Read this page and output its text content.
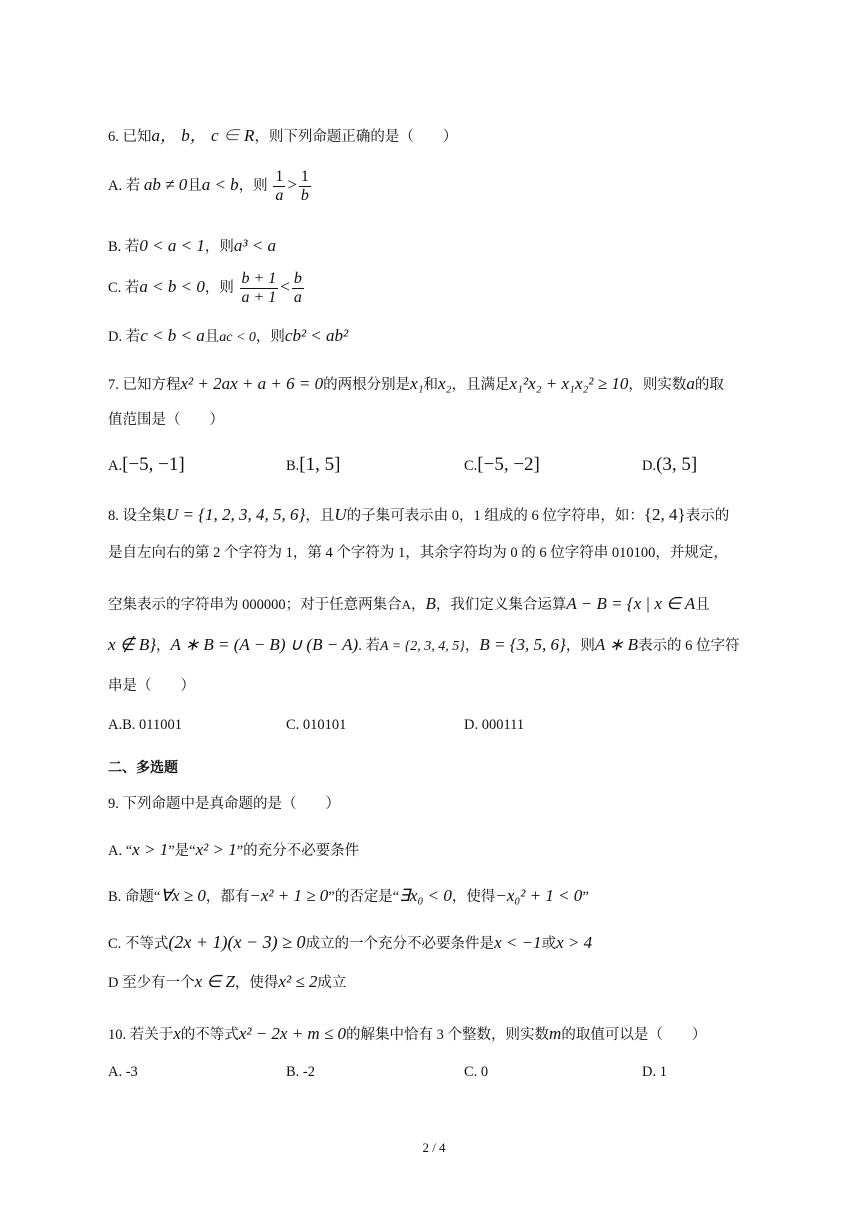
6. 已知a， b， c ∈ R，则下列命题正确的是（　　）
A. 若 ab ≠ 0且a < b，则 $\frac{1}{a} > \frac{1}{b}$
B. 若0 < a < 1，则a³ < a
C. 若a < b < 0，则 $\frac{b + 1}{a + 1} < \frac{b}{a}$
D. 若c < b < a且ac < 0，则cb² < ab²
7. 已知方程x² + 2ax + a + 6 = 0的两根分别是x₁和x₂，且满足x₁²x₂ + x₁x₂² ≥ 10，则实数a的取
值范围是（　　）
A.[−5, −1]	B.[1, 5]	C.[−5, −2]	D.(3, 5]
8. 设全集U = {1, 2, 3, 4, 5, 6}，且U的子集可表示由 0，1 组成的 6 位字符串，如：{2, 4}表示的
是自左向右的第 2 个字符为 1，第 4 个字符为 1，其余字符均为 0 的 6 位字符串 010100，并规定，
空集表示的字符串为 000000；对于任意两集合A，B，我们定义集合运算A − B = {x | x ∈ A且
x ∉ B}，A ∗ B = (A − B) ∪ (B − A). 若A = {2, 3, 4, 5}，B = {3, 5, 6}，则A ∗ B表示的 6 位字符
串是（　　）
A.B. 011001	C. 010101	D. 000111
二、多选题
9. 下列命题中是真命题的是（　　）
A. “x > 1”是“x² > 1”的充分不必要条件
B. 命题“∀x ≥ 0，都有−x² + 1 ≥ 0”的否定是“∃x₀ < 0，使得−x₀² + 1 < 0”
C. 不等式(2x + 1)(x − 3) ≥ 0成立的一个充分不必要条件是x < −1或x > 4
D 至少有一个x ∈ Z，使得x² ≤ 2成立
10. 若关于x的不等式x² − 2x + m ≤ 0的解集中恰有 3 个整数，则实数m的取值可以是（　　）
A. -3	B. -2	C. 0	D. 1
2 / 4
